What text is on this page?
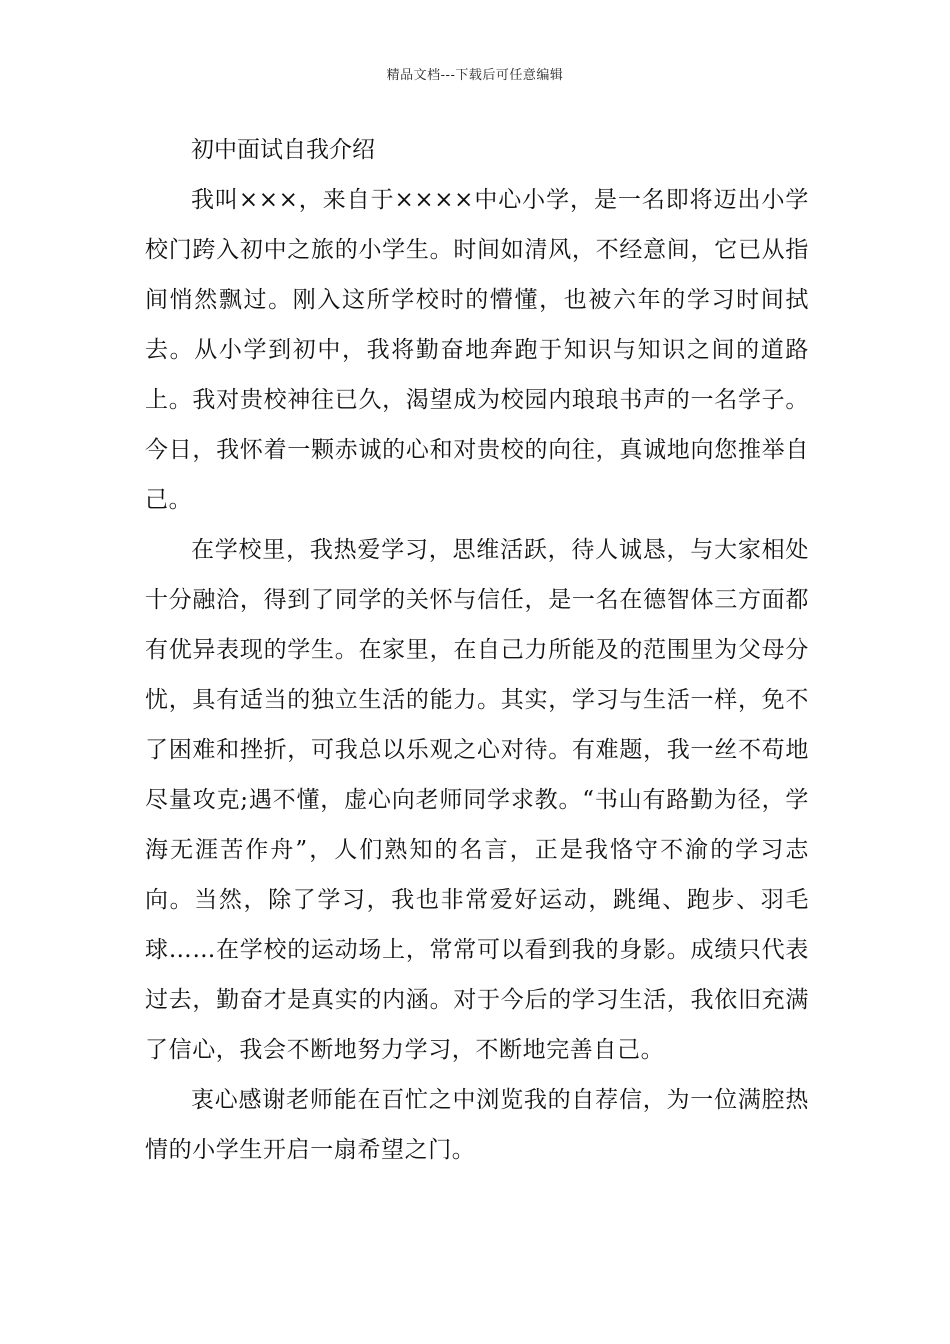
精品文档---下载后可任意编辑

初中面试自我介绍

我叫×××，来自于××××中心小学，是一名即将迈出小学校门跨入初中之旅的小学生。时间如清风，不经意间，它已从指间悄然飘过。刚入这所学校时的懵懂，也被六年的学习时间拭去。从小学到初中，我将勤奋地奔跑于知识与知识之间的道路上。我对贵校神往已久，渴望成为校园内琅琅书声的一名学子。今日，我怀着一颗赤诚的心和对贵校的向往，真诚地向您推举自己。

在学校里，我热爱学习，思维活跃，待人诚恳，与大家相处十分融洽，得到了同学的关怀与信任，是一名在德智体三方面都有优异表现的学生。在家里，在自己力所能及的范围里为父母分忧，具有适当的独立生活的能力。其实，学习与生活一样，免不了困难和挫折，可我总以乐观之心对待。有难题，我一丝不苟地尽量攻克;遇不懂，虚心向老师同学求教。“书山有路勤为径，学海无涯苦作舟”，人们熟知的名言，正是我恪守不渝的学习志向。当然，除了学习，我也非常爱好运动，跳绳、跑步、羽毛球……在学校的运动场上，常常可以看到我的身影。成绩只代表过去，勤奋才是真实的内涵。对于今后的学习生活，我依旧充满了信心，我会不断地努力学习，不断地完善自己。

衷心感谢老师能在百忙之中浏览我的自荐信，为一位满腔热情的小学生开启一扇希望之门。
